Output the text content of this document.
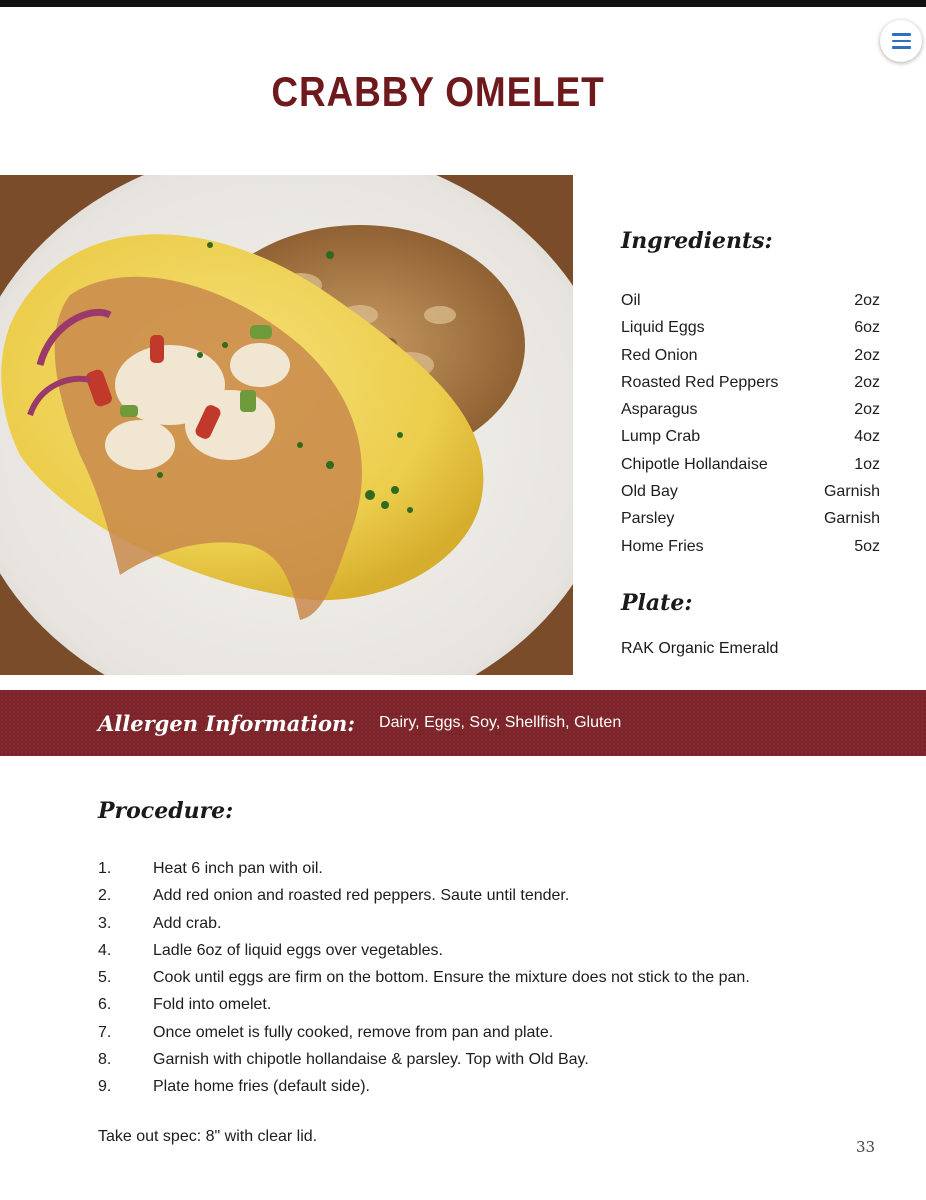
CRABBY OMELET
Ingredients:
Oil	2oz
Liquid Eggs	6oz
Red Onion	2oz
Roasted Red Peppers	2oz
Asparagus	2oz
Lump Crab	4oz
Chipotle Hollandaise	1oz
Old Bay	Garnish
Parsley	Garnish
Home Fries	5oz
Plate:
RAK Organic Emerald
Allergen Information: Dairy, Eggs, Soy, Shellfish, Gluten
Procedure:
1.	Heat 6 inch pan with oil.
2.	Add red onion and roasted red peppers. Saute until tender.
3.	Add crab.
4.	Ladle 6oz of liquid eggs over vegetables.
5.	Cook until eggs are firm on the bottom. Ensure the mixture does not stick to the pan.
6.	Fold into omelet.
7.	Once omelet is fully cooked, remove from pan and plate.
8.	Garnish with chipotle hollandaise & parsley. Top with Old Bay.
9.	Plate home fries (default side).
Take out spec: 8" with clear lid.
33
